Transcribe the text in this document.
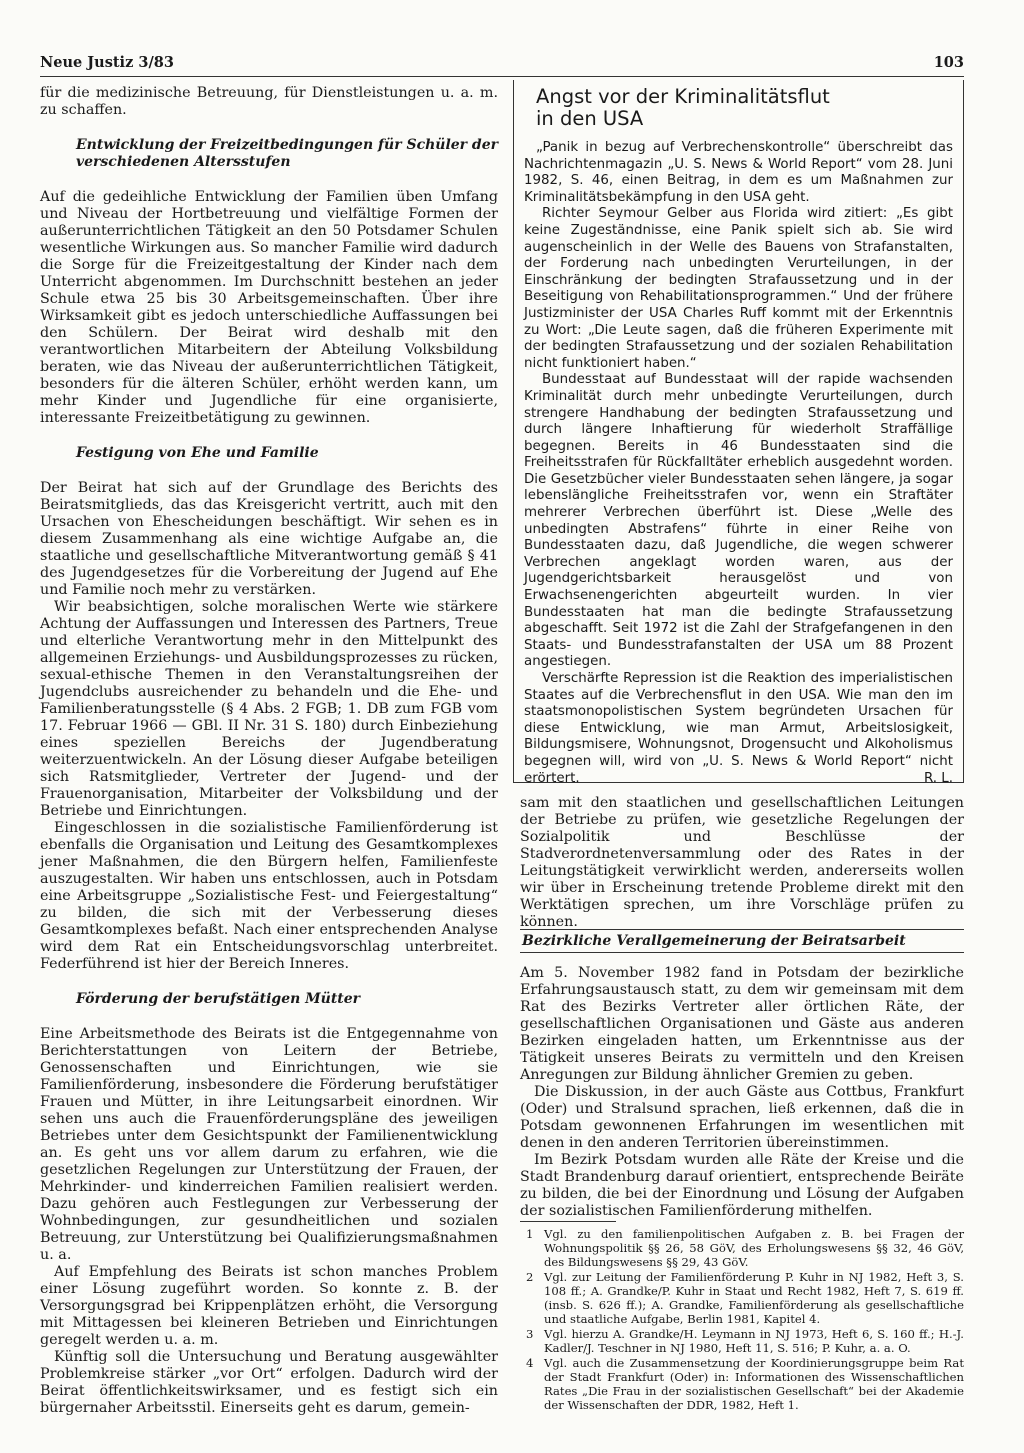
Neue Justiz 3/83	103

für die medizinische Betreuung, für Dienstleistungen u. a. m. zu schaffen.

Entwicklung der Freizeitbedingungen für Schüler der verschiedenen Altersstufen

Auf die gedeihliche Entwicklung der Familien üben Umfang und Niveau der Hortbetreuung und vielfältige Formen der außerunterrichtlichen Tätigkeit an den 50 Potsdamer Schulen wesentliche Wirkungen aus. So mancher Familie wird dadurch die Sorge für die Freizeitgestaltung der Kinder nach dem Unterricht abgenommen. Im Durchschnitt bestehen an jeder Schule etwa 25 bis 30 Arbeitsgemeinschaften. Über ihre Wirksamkeit gibt es jedoch unterschiedliche Auffassungen bei den Schülern. Der Beirat wird deshalb mit den verantwortlichen Mitarbeitern der Abteilung Volksbildung beraten, wie das Niveau der außerunterrichtlichen Tätigkeit, besonders für die älteren Schüler, erhöht werden kann, um mehr Kinder und Jugendliche für eine organisierte, interessante Freizeitbetätigung zu gewinnen.

Festigung von Ehe und Familie

Der Beirat hat sich auf der Grundlage des Berichts des Beiratsmitglieds, das das Kreisgericht vertritt, auch mit den Ursachen von Ehescheidungen beschäftigt. Wir sehen es in diesem Zusammenhang als eine wichtige Aufgabe an, die staatliche und gesellschaftliche Mitverantwortung gemäß § 41 des Jugendgesetzes für die Vorbereitung der Jugend auf Ehe und Familie noch mehr zu verstärken.

Wir beabsichtigen, solche moralischen Werte wie stärkere Achtung der Auffassungen und Interessen des Partners, Treue und elterliche Verantwortung mehr in den Mittelpunkt des allgemeinen Erziehungs- und Ausbildungsprozesses zu rücken, sexual-ethische Themen in den Veranstaltungsreihen der Jugendclubs ausreichender zu behandeln und die Ehe- und Familienberatungsstelle (§ 4 Abs. 2 FGB; 1. DB zum FGB vom 17. Februar 1966 — GBl. II Nr. 31 S. 180) durch Einbeziehung eines speziellen Bereichs der Jugendberatung weiterzuentwickeln. An der Lösung dieser Aufgabe beteiligen sich Ratsmitglieder, Vertreter der Jugend- und der Frauenorganisation, Mitarbeiter der Volksbildung und der Betriebe und Einrichtungen.

Eingeschlossen in die sozialistische Familienförderung ist ebenfalls die Organisation und Leitung des Gesamtkomplexes jener Maßnahmen, die den Bürgern helfen, Familienfeste auszugestalten. Wir haben uns entschlossen, auch in Potsdam eine Arbeitsgruppe „Sozialistische Fest- und Feiergestaltung“ zu bilden, die sich mit der Verbesserung dieses Gesamtkomplexes befaßt. Nach einer entsprechenden Analyse wird dem Rat ein Entscheidungsvorschlag unterbreitet. Federführend ist hier der Bereich Inneres.

Förderung der berufstätigen Mütter

Eine Arbeitsmethode des Beirats ist die Entgegennahme von Berichterstattungen von Leitern der Betriebe, Genossenschaften und Einrichtungen, wie sie Familienförderung, insbesondere die Förderung berufstätiger Frauen und Mütter, in ihre Leitungsarbeit einordnen. Wir sehen uns auch die Frauenförderungspläne des jeweiligen Betriebes unter dem Gesichtspunkt der Familienentwicklung an. Es geht uns vor allem darum zu erfahren, wie die gesetzlichen Regelungen zur Unterstützung der Frauen, der Mehrkinder- und kinderreichen Familien realisiert werden. Dazu gehören auch Festlegungen zur Verbesserung der Wohnbedingungen, zur gesundheitlichen und sozialen Betreuung, zur Unterstützung bei Qualifizierungsmaßnahmen u. a.

Auf Empfehlung des Beirats ist schon manches Problem einer Lösung zugeführt worden. So konnte z. B. der Versorgungsgrad bei Krippenplätzen erhöht, die Versorgung mit Mittagessen bei kleineren Betrieben und Einrichtungen geregelt werden u. a. m.

Künftig soll die Untersuchung und Beratung ausgewählter Problemkreise stärker „vor Ort“ erfolgen. Dadurch wird der Beirat öffentlichkeitswirksamer, und es festigt sich ein bürgernaher Arbeitsstil. Einerseits geht es darum, gemein-

Angst vor der Kriminalitätsflut
in den USA

„Panik in bezug auf Verbrechenskontrolle“ überschreibt das Nachrichtenmagazin „U. S. News & World Report“ vom 28. Juni 1982, S. 46, einen Beitrag, in dem es um Maßnahmen zur Kriminalitätsbekämpfung in den USA geht.

Richter Seymour Gelber aus Florida wird zitiert: „Es gibt keine Zugeständnisse, eine Panik spielt sich ab. Sie wird augenscheinlich in der Welle des Bauens von Strafanstalten, der Forderung nach unbedingten Verurteilungen, in der Einschränkung der bedingten Strafaussetzung und in der Beseitigung von Rehabilitationsprogrammen.“ Und der frühere Justizminister der USA Charles Ruff kommt mit der Erkenntnis zu Wort: „Die Leute sagen, daß die früheren Experimente mit der bedingten Strafaussetzung und der sozialen Rehabilitation nicht funktioniert haben.“

Bundesstaat auf Bundesstaat will der rapide wachsenden Kriminalität durch mehr unbedingte Verurteilungen, durch strengere Handhabung der bedingten Strafaussetzung und durch längere Inhaftierung für wiederholt Straffällige begegnen. Bereits in 46 Bundesstaaten sind die Freiheitsstrafen für Rückfalltäter erheblich ausgedehnt worden. Die Gesetzbücher vieler Bundesstaaten sehen längere, ja sogar lebenslängliche Freiheitsstrafen vor, wenn ein Straftäter mehrerer Verbrechen überführt ist. Diese „Welle des unbedingten Abstrafens“ führte in einer Reihe von Bundesstaaten dazu, daß Jugendliche, die wegen schwerer Verbrechen angeklagt worden waren, aus der Jugendgerichtsbarkeit herausgelöst und von Erwachsenengerichten abgeurteilt wurden. In vier Bundesstaaten hat man die bedingte Strafaussetzung abgeschafft. Seit 1972 ist die Zahl der Strafgefangenen in den Staats- und Bundesstrafanstalten der USA um 88 Prozent angestiegen.

Verschärfte Repression ist die Reaktion des imperialistischen Staates auf die Verbrechensflut in den USA. Wie man den im staatsmonopolistischen System begründeten Ursachen für diese Entwicklung, wie man Armut, Arbeitslosigkeit, Bildungsmisere, Wohnungsnot, Drogensucht und Alkoholismus begegnen will, wird von „U. S. News & World Report“ nicht erörtert.	R. L.

sam mit den staatlichen und gesellschaftlichen Leitungen der Betriebe zu prüfen, wie gesetzliche Regelungen der Sozialpolitik und Beschlüsse der Stadverordnetenversammlung oder des Rates in der Leitungstätigkeit verwirklicht werden, andererseits wollen wir über in Erscheinung tretende Probleme direkt mit den Werktätigen sprechen, um ihre Vorschläge prüfen zu können.

Bezirkliche Verallgemeinerung der Beiratsarbeit

Am 5. November 1982 fand in Potsdam der bezirkliche Erfahrungsaustausch statt, zu dem wir gemeinsam mit dem Rat des Bezirks Vertreter aller örtlichen Räte, der gesellschaftlichen Organisationen und Gäste aus anderen Bezirken eingeladen hatten, um Erkenntnisse aus der Tätigkeit unseres Beirats zu vermitteln und den Kreisen Anregungen zur Bildung ähnlicher Gremien zu geben.

Die Diskussion, in der auch Gäste aus Cottbus, Frankfurt (Oder) und Stralsund sprachen, ließ erkennen, daß die in Potsdam gewonnenen Erfahrungen im wesentlichen mit denen in den anderen Territorien übereinstimmen.

Im Bezirk Potsdam wurden alle Räte der Kreise und die Stadt Brandenburg darauf orientiert, entsprechende Beiräte zu bilden, die bei der Einordnung und Lösung der Aufgaben der sozialistischen Familienförderung mithelfen.

1 Vgl. zu den familienpolitischen Aufgaben z. B. bei Fragen der Wohnungspolitik §§ 26, 58 GöV, des Erholungswesens §§ 32, 46 GöV, des Bildungswesens §§ 29, 43 GöV.
2 Vgl. zur Leitung der Familienförderung P. Kuhr in NJ 1982, Heft 3, S. 108 ff.; A. Grandke/P. Kuhr in Staat und Recht 1982, Heft 7, S. 619 ff. (insb. S. 626 ff.); A. Grandke, Familienförderung als gesellschaftliche und staatliche Aufgabe, Berlin 1981, Kapitel 4.
3 Vgl. hierzu A. Grandke/H. Leymann in NJ 1973, Heft 6, S. 160 ff.; H.-J. Kadler/J. Teschner in NJ 1980, Heft 11, S. 516; P. Kuhr, a. a. O.
4 Vgl. auch die Zusammensetzung der Koordinierungsgruppe beim Rat der Stadt Frankfurt (Oder) in: Informationen des Wissenschaftlichen Rates „Die Frau in der sozialistischen Gesellschaft“ bei der Akademie der Wissenschaften der DDR, 1982, Heft 1.
